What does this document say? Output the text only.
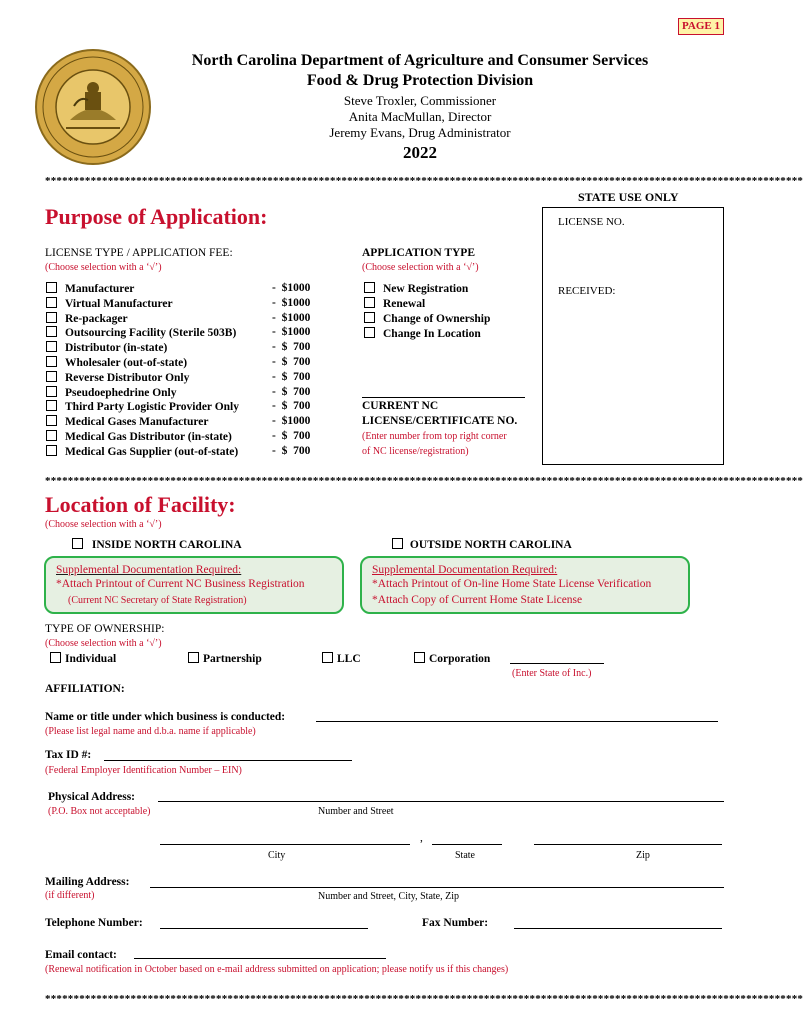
PAGE 1
North Carolina Department of Agriculture and Consumer Services
Food & Drug Protection Division
Steve Troxler, Commissioner
Anita MacMullan, Director
Jeremy Evans, Drug Administrator
2022
*************************************************************************************************************************************
STATE USE ONLY
LICENSE NO.
RECEIVED:
Purpose of Application:
LICENSE TYPE / APPLICATION FEE:
(Choose selection with a ‘√’)
Manufacturer	-  $1000
Virtual Manufacturer	-  $1000
Re-packager	-  $1000
Outsourcing Facility (Sterile 503B)	-  $1000
Distributor (in-state)	-  $  700
Wholesaler (out-of-state)	-  $  700
Reverse Distributor Only	-  $  700
Pseudoephedrine Only	-  $  700
Third Party Logistic Provider Only	-  $  700
Medical Gases Manufacturer	-  $1000
Medical Gas Distributor (in-state)	-  $  700
Medical Gas Supplier (out-of-state)	-  $  700
APPLICATION TYPE
(Choose selection with a ‘√’)
New Registration
Renewal
Change of Ownership
Change In Location
CURRENT NC
LICENSE/CERTIFICATE NO.
(Enter number from top right corner
of NC license/registration)
*************************************************************************************************************************************
Location of Facility:
(Choose selection with a ‘√’)
INSIDE NORTH CAROLINA	OUTSIDE NORTH CAROLINA
Supplemental Documentation Required:
*Attach Printout of Current NC Business Registration
(Current NC Secretary of State Registration)
Supplemental Documentation Required:
*Attach Printout of On-line Home State License Verification
*Attach Copy of Current Home State License
TYPE OF OWNERSHIP:
(Choose selection with a ‘√’)
Individual	Partnership	LLC	Corporation
(Enter State of Inc.)
AFFILIATION:
Name or title under which business is conducted:
(Please list legal name and d.b.a. name if applicable)
Tax ID #:
(Federal Employer Identification Number – EIN)
Physical Address:
(P.O. Box not acceptable)	Number and Street
,
City	State	Zip
Mailing Address:
(if different)	Number and Street, City, State, Zip
Telephone Number:	Fax Number:
Email contact:
(Renewal notification in October based on e-mail address submitted on application; please notify us if this changes)
*************************************************************************************************************************************
